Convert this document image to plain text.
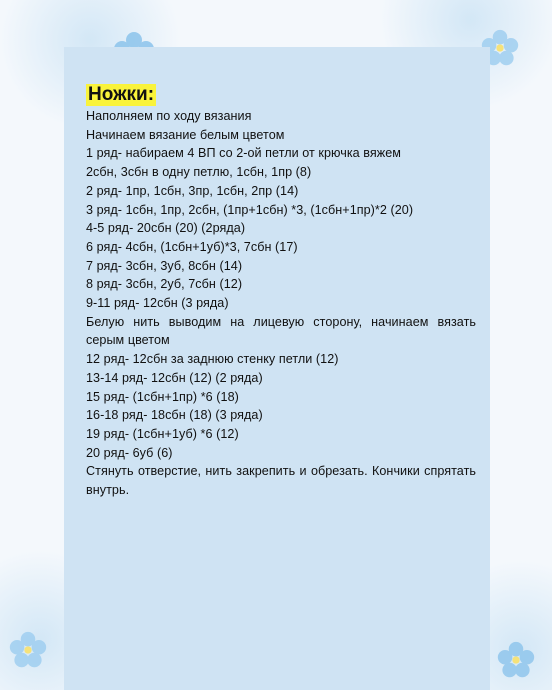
Ножки:
Наполняем по ходу вязания
Начинаем вязание белым цветом
1 ряд- набираем 4 ВП со 2-ой петли от крючка вяжем
2сбн, 3сбн в одну петлю, 1сбн, 1пр (8)
2 ряд- 1пр, 1сбн, 3пр, 1сбн, 2пр (14)
3 ряд- 1сбн, 1пр, 2сбн, (1пр+1сбн) *3, (1сбн+1пр)*2 (20)
4-5 ряд- 20сбн (20) (2ряда)
6 ряд- 4сбн, (1сбн+1уб)*3, 7сбн (17)
7 ряд- 3сбн, 3уб, 8сбн (14)
8 ряд- 3сбн, 2уб, 7сбн (12)
9-11 ряд- 12сбн (3 ряда)
Белую нить выводим на лицевую сторону, начинаем вязать серым цветом
12 ряд- 12сбн за заднюю стенку петли (12)
13-14 ряд- 12сбн (12) (2 ряда)
15 ряд- (1сбн+1пр) *6 (18)
16-18 ряд- 18сбн (18) (3 ряда)
19 ряд- (1сбн+1уб) *6 (12)
20 ряд- 6уб (6)
Стянуть отверстие, нить закрепить и обрезать. Кончики спрятать внутрь.
